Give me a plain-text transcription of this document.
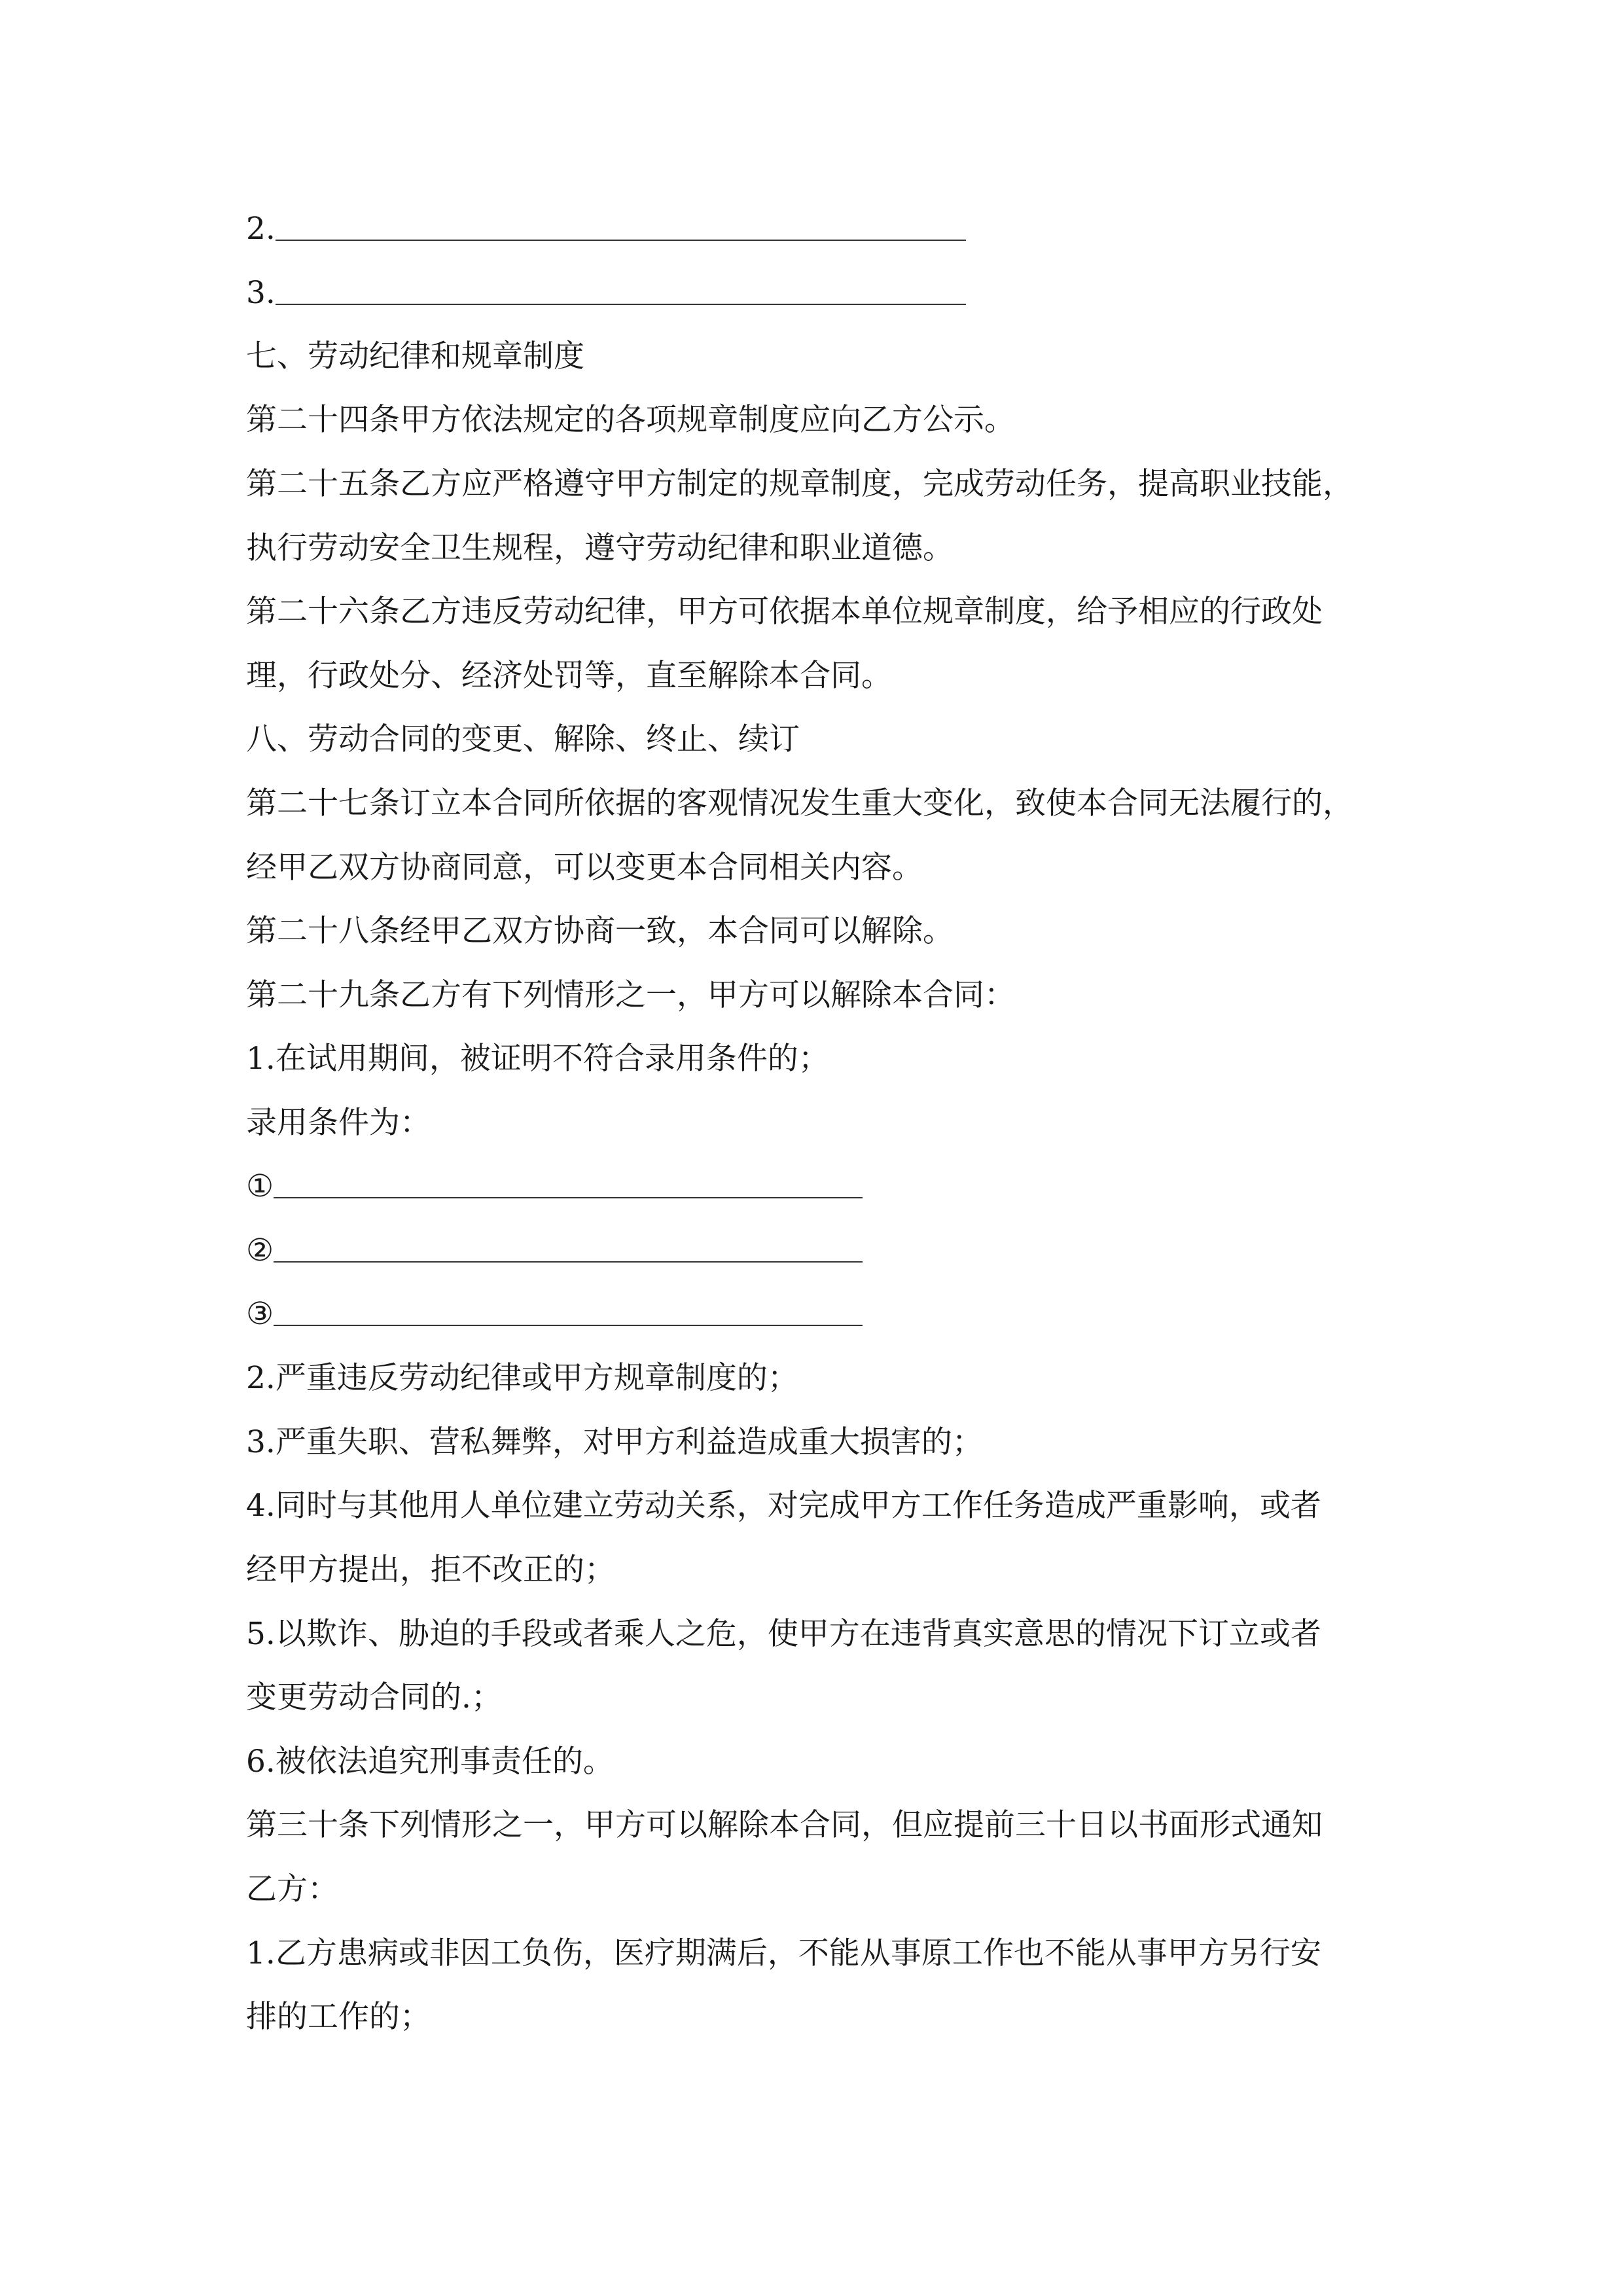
2.
3.
①
②
③

七、劳动纪律和规章制度

第二十四条甲方依法规定的各项规章制度应向乙方公示。

第二十五条乙方应严格遵守甲方制定的规章制度，完成劳动任务，提高职业技能，

执行劳动安全卫生规程，遵守劳动纪律和职业道德。

第二十六条乙方违反劳动纪律，甲方可依据本单位规章制度，给予相应的行政处

理，行政处分、经济处罚等，直至解除本合同。

八、劳动合同的变更、解除、终止、续订

第二十七条订立本合同所依据的客观情况发生重大变化，致使本合同无法履行的，

经甲乙双方协商同意，可以变更本合同相关内容。

第二十八条经甲乙双方协商一致，本合同可以解除。

第二十九条乙方有下列情形之一，甲方可以解除本合同：

1.在试用期间，被证明不符合录用条件的；

录用条件为：

2.严重违反劳动纪律或甲方规章制度的；

3.严重失职、营私舞弊，对甲方利益造成重大损害的；

4.同时与其他用人单位建立劳动关系，对完成甲方工作任务造成严重影响，或者

经甲方提出，拒不改正的；

5.以欺诈、胁迫的手段或者乘人之危，使甲方在违背真实意思的情况下订立或者

变更劳动合同的.；

6.被依法追究刑事责任的。

第三十条下列情形之一，甲方可以解除本合同，但应提前三十日以书面形式通知

乙方：

1.乙方患病或非因工负伤，医疗期满后，不能从事原工作也不能从事甲方另行安

排的工作的；
